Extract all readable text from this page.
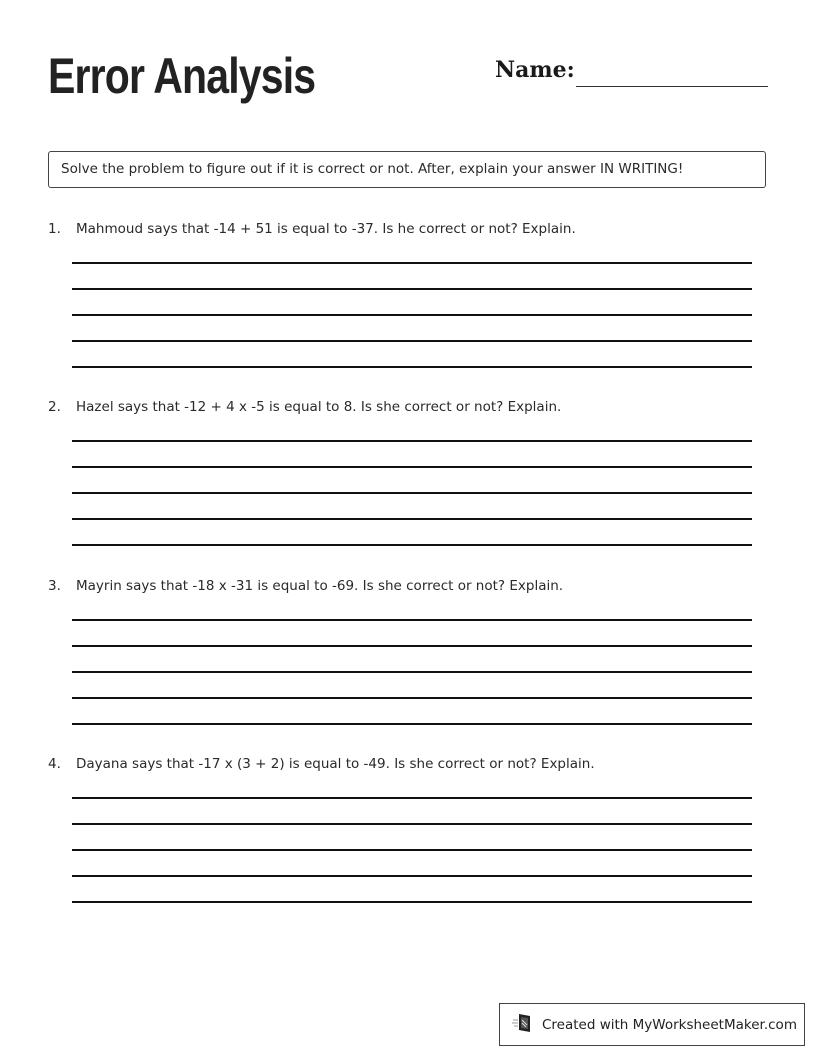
Error Analysis	Name:
Solve the problem to figure out if it is correct or not. After, explain your answer IN WRITING!
1. Mahmoud says that -14 + 51 is equal to -37. Is he correct or not? Explain.
2. Hazel says that -12 + 4 x -5 is equal to 8. Is she correct or not? Explain.
3. Mayrin says that -18 x -31 is equal to -69. Is she correct or not? Explain.
4. Dayana says that -17 x (3 + 2) is equal to -49. Is she correct or not? Explain.
Created with MyWorksheetMaker.com
